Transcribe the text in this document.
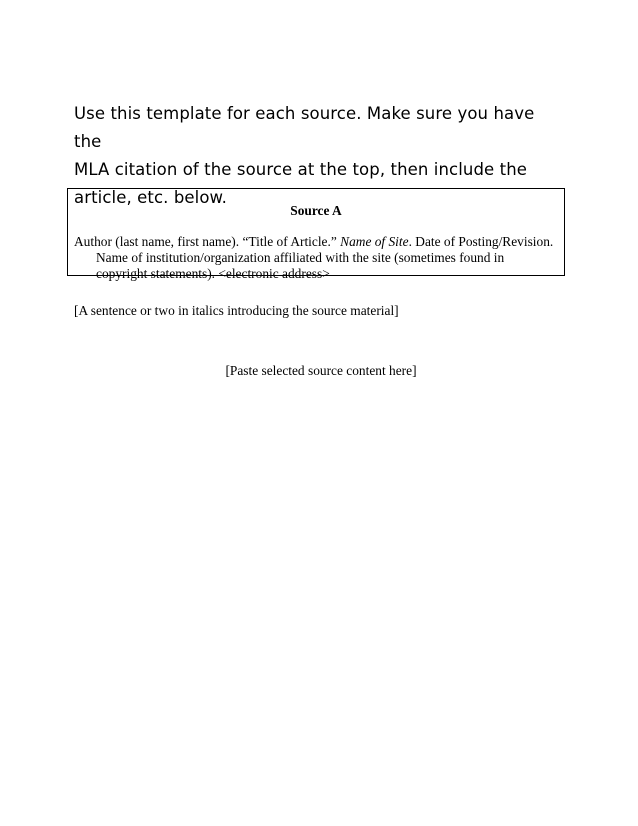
Use this template for each source. Make sure you have the
MLA citation of the source at the top, then include the
article, etc. below.

Source A

Author (last name, first name). “Title of Article.” Name of Site. Date of Posting/Revision. Name of institution/organization affiliated with the site (sometimes found in copyright statements). <electronic address>

[A sentence or two in italics introducing the source material]

[Paste selected source content here]
